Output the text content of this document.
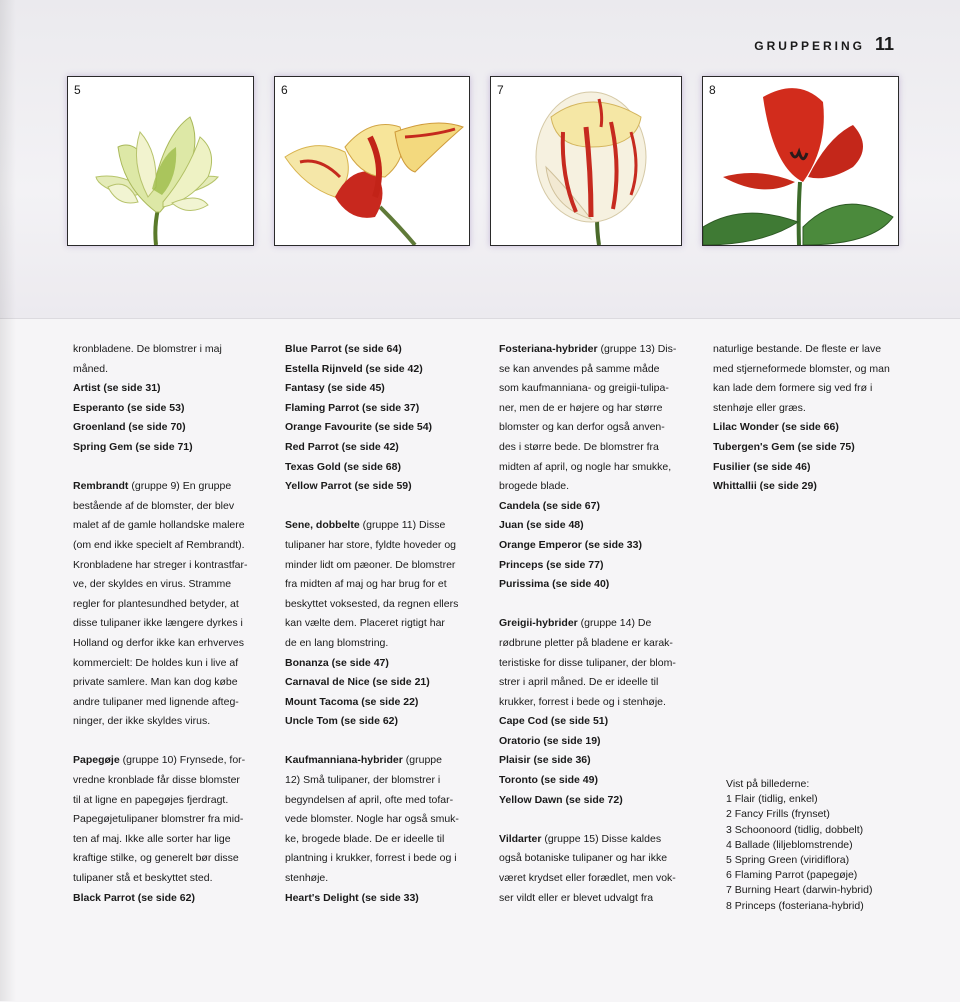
GRUPPERING 11
5	6	7	8

kronbladene. De blomstrer i maj

måned.

Artist (se side 31)

Esperanto (se side 53)

Groenland (se side 70)

Spring Gem (se side 71)

Rembrandt (gruppe 9) En gruppe

bestående af de blomster, der blev

malet af de gamle hollandske malere

(om end ikke specielt af Rembrandt).

Kronbladene har streger i kontrastfar-

ve, der skyldes en virus. Stramme

regler for plantesundhed betyder, at

disse tulipaner ikke længere dyrkes i

Holland og derfor ikke kan erhverves

kommercielt: De holdes kun i live af

private samlere. Man kan dog købe

andre tulipaner med lignende afteg-

ninger, der ikke skyldes virus.

Papegøje (gruppe 10) Frynsede, for-

vredne kronblade får disse blomster

til at ligne en papegøjes fjerdragt.

Papegøjetulipaner blomstrer fra mid-

ten af maj. Ikke alle sorter har lige

kraftige stilke, og generelt bør disse

tulipaner stå et beskyttet sted.

Black Parrot (se side 62)

Blue Parrot (se side 64)

Estella Rijnveld (se side 42)

Fantasy (se side 45)

Flaming Parrot (se side 37)

Orange Favourite (se side 54)

Red Parrot (se side 42)

Texas Gold (se side 68)

Yellow Parrot (se side 59)

Sene, dobbelte (gruppe 11) Disse

tulipaner har store, fyldte hoveder og

minder lidt om pæoner. De blomstrer

fra midten af maj og har brug for et

beskyttet voksested, da regnen ellers

kan vælte dem. Placeret rigtigt har

de en lang blomstring.

Bonanza (se side 47)

Carnaval de Nice (se side 21)

Mount Tacoma (se side 22)

Uncle Tom (se side 62)

Kaufmanniana-hybrider (gruppe

12) Små tulipaner, der blomstrer i

begyndelsen af april, ofte med tofar-

vede blomster. Nogle har også smuk-

ke, brogede blade. De er ideelle til

plantning i krukker, forrest i bede og i

stenhøje.

Heart's Delight (se side 33)

Fosteriana-hybrider (gruppe 13) Dis-

se kan anvendes på samme måde

som kaufmanniana- og greigii-tulipa-

ner, men de er højere og har større

blomster og kan derfor også anven-

des i større bede. De blomstrer fra

midten af april, og nogle har smukke,

brogede blade.

Candela (se side 67)

Juan (se side 48)

Orange Emperor (se side 33)

Princeps (se side 77)

Purissima (se side 40)

Greigii-hybrider (gruppe 14) De

rødbrune pletter på bladene er karak-

teristiske for disse tulipaner, der blom-

strer i april måned. De er ideelle til

krukker, forrest i bede og i stenhøje.

Cape Cod (se side 51)

Oratorio (se side 19)

Plaisir (se side 36)

Toronto (se side 49)

Yellow Dawn (se side 72)

Vildarter (gruppe 15) Disse kaldes

også botaniske tulipaner og har ikke

været krydset eller forædlet, men vok-

ser vildt eller er blevet udvalgt fra

naturlige bestande. De fleste er lave

med stjerneformede blomster, og man

kan lade dem formere sig ved frø i

stenhøje eller græs.

Lilac Wonder (se side 66)

Tubergen's Gem (se side 75)

Fusilier (se side 46)

Whittallii (se side 29)

Vist på billederne:

1 Flair (tidlig, enkel)

2 Fancy Frills (frynset)

3 Schoonoord (tidlig, dobbelt)

4 Ballade (liljeblomstrende)

5 Spring Green (viridiflora)

6 Flaming Parrot (papegøje)

7 Burning Heart (darwin-hybrid)

8 Princeps (fosteriana-hybrid)
